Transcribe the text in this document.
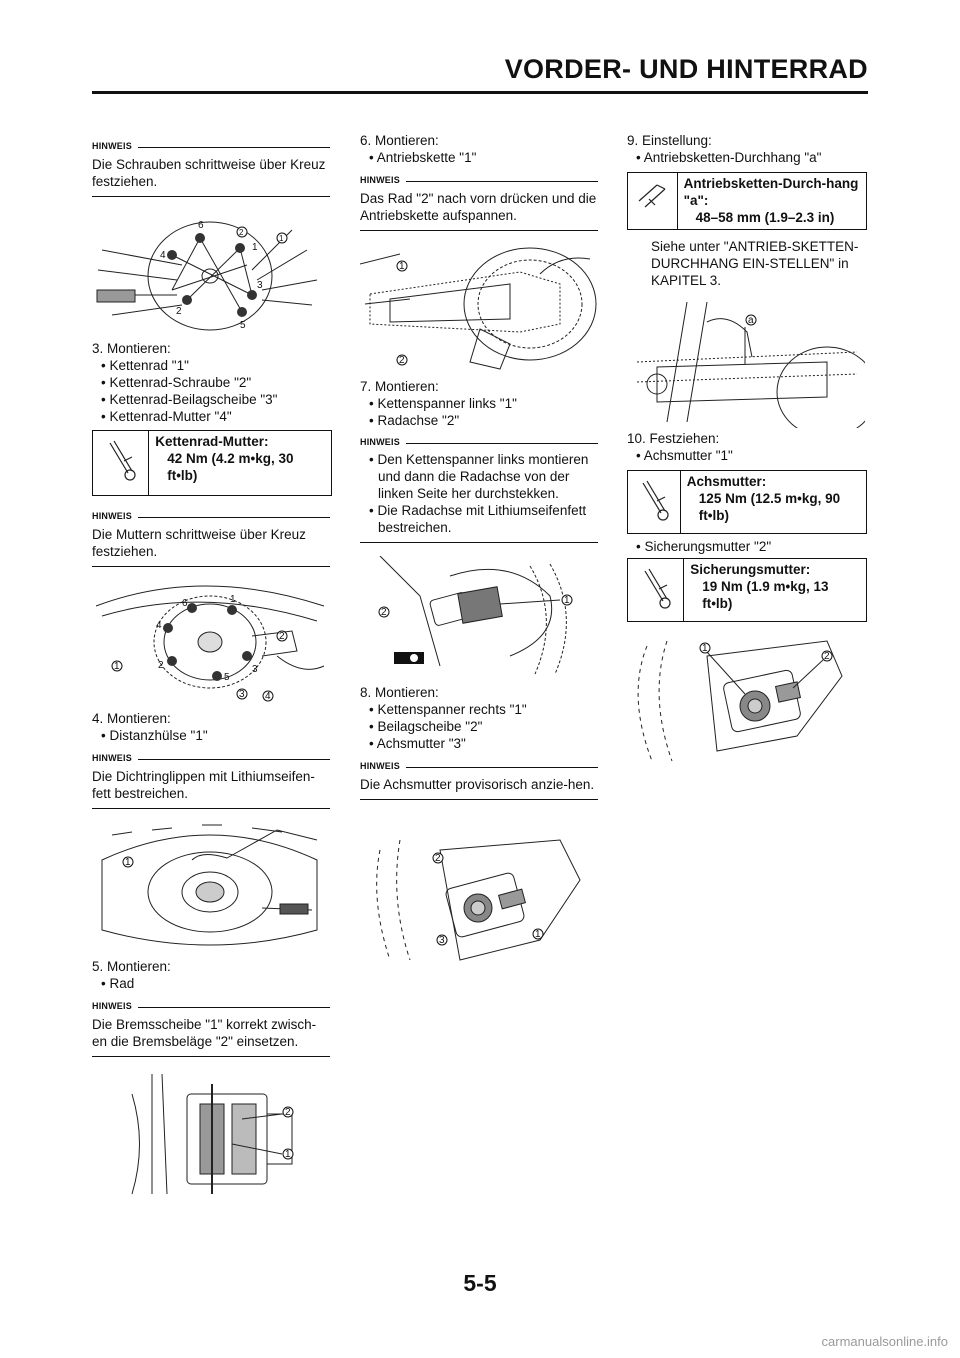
VORDER- UND HINTERRAD
HINWEIS
Die Schrauben schrittweise über Kreuz festziehen.
6
1
3
5
2
4
2
1
3. Montieren:
• Kettenrad "1"
• Kettenrad-Schraube "2"
• Kettenrad-Beilagscheibe "3"
• Kettenrad-Mutter "4"
Kettenrad-Mutter:
42 Nm (4.2 m•kg, 30 ft•lb)
HINWEIS
Die Muttern schrittweise über Kreuz festziehen.
6	1
4
2
5
3
2
1
3 4
4. Montieren:
• Distanzhülse "1"
HINWEIS
Die Dichtringlippen mit Lithiumseifen-fett bestreichen.
1
5. Montieren:
• Rad
HINWEIS
Die Bremsscheibe "1" korrekt zwisch-en die Bremsbeläge "2" einsetzen.
2
1
6. Montieren:
• Antriebskette "1"
HINWEIS
Das Rad "2" nach vorn drücken und die Antriebskette aufspannen.
1
2
7. Montieren:
• Kettenspanner links "1"
• Radachse "2"
HINWEIS
• Den Kettenspanner links montieren und dann die Radachse von der linken Seite her durchstekken.
• Die Radachse mit Lithiumseifenfett bestreichen.
2
1
8. Montieren:
• Kettenspanner rechts "1"
• Beilagscheibe "2"
• Achsmutter "3"
HINWEIS
Die Achsmutter provisorisch anzie-hen.
2
3
1
9. Einstellung:
• Antriebsketten-Durchhang "a"
Antriebsketten-Durch-hang "a":
48–58 mm (1.9–2.3 in)
Siehe unter "ANTRIEB-SKETTEN-DURCHHANG EIN-STELLEN" in KAPITEL 3.
a
10. Festziehen:
• Achsmutter "1"
Achsmutter:
125 Nm (12.5 m•kg, 90 ft•lb)
• Sicherungsmutter "2"
Sicherungsmutter:
19 Nm (1.9 m•kg, 13 ft•lb)
1
2
5-5
carmanualsonline.info
